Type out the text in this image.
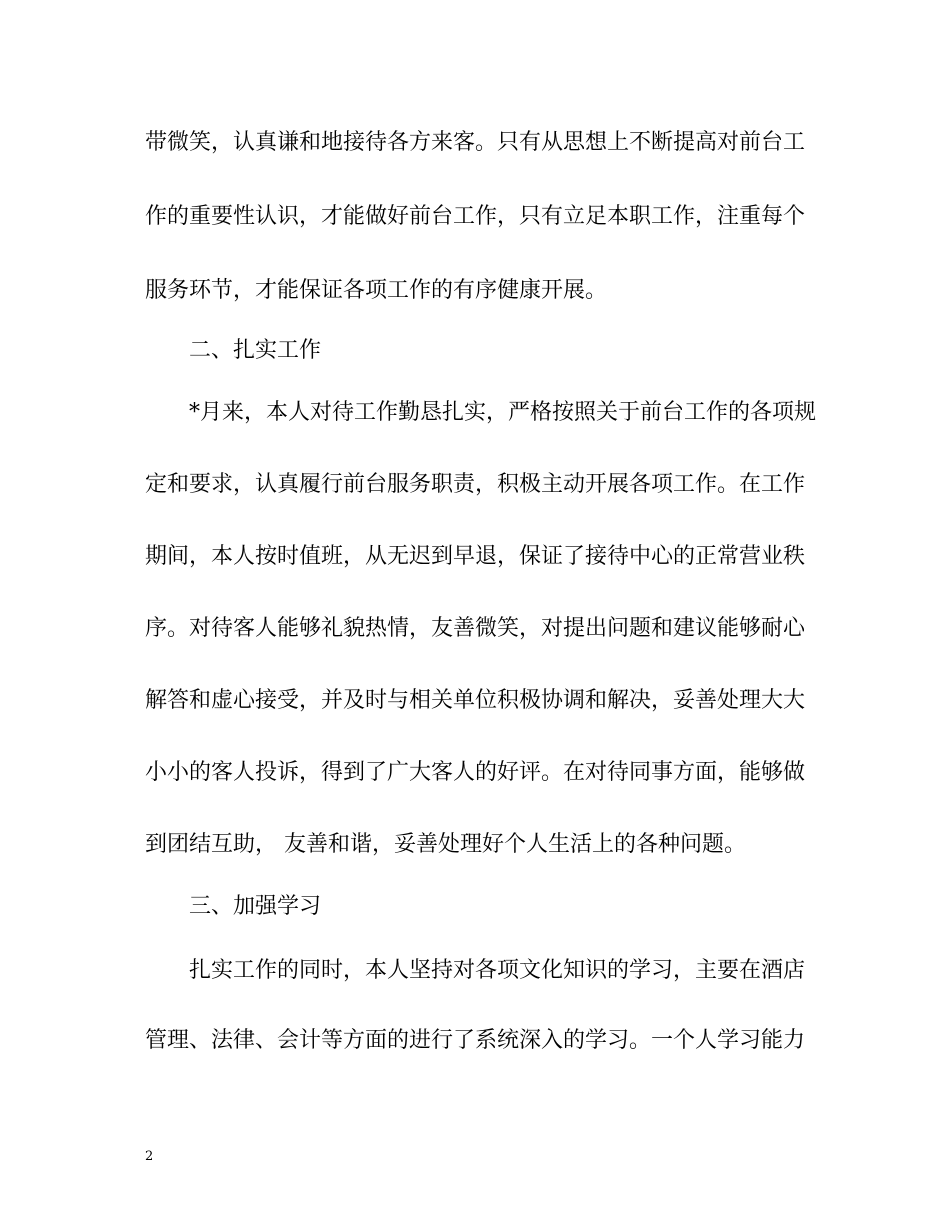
带微笑，认真谦和地接待各方来客。只有从思想上不断提高对前台工
作的重要性认识，才能做好前台工作，只有立足本职工作，注重每个
服务环节，才能保证各项工作的有序健康开展。
二、扎实工作
*月来，本人对待工作勤恳扎实，严格按照关于前台工作的各项规
定和要求，认真履行前台服务职责，积极主动开展各项工作。在工作
期间，本人按时值班，从无迟到早退，保证了接待中心的正常营业秩
序。对待客人能够礼貌热情，友善微笑，对提出问题和建议能够耐心
解答和虚心接受，并及时与相关单位积极协调和解决，妥善处理大大
小小的客人投诉，得到了广大客人的好评。在对待同事方面，能够做
到团结互助， 友善和谐，妥善处理好个人生活上的各种问题。
三、加强学习
扎实工作的同时，本人坚持对各项文化知识的学习，主要在酒店
管理、法律、会计等方面的进行了系统深入的学习。一个人学习能力
2
